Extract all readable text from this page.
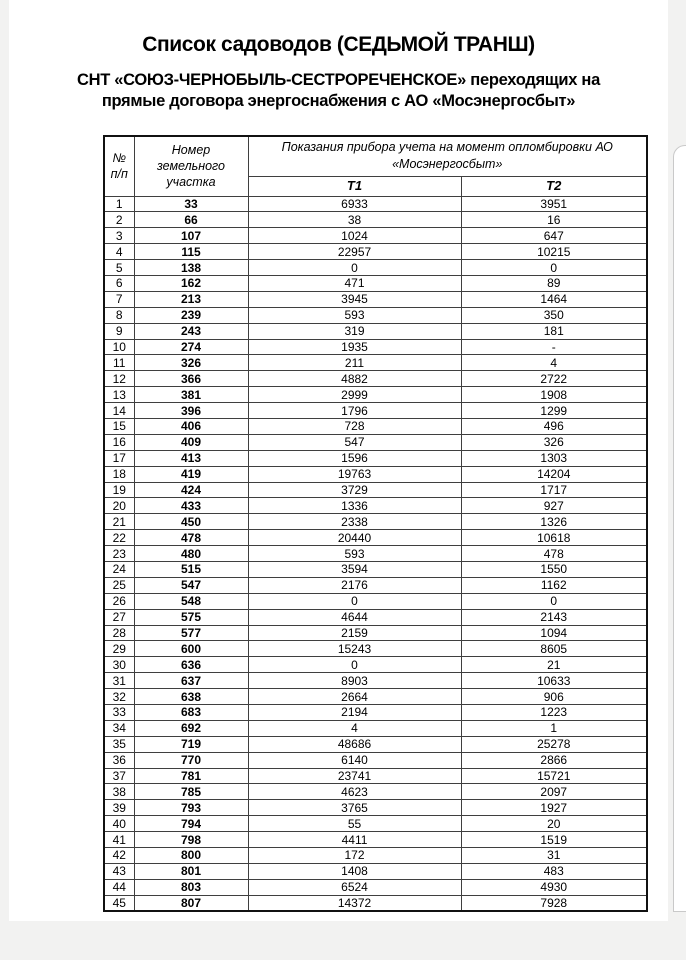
Список садоводов (СЕДЬМОЙ ТРАНШ)
СНТ «СОЮЗ-ЧЕРНОБЫЛЬ-СЕСТРОРЕЧЕНСКОЕ» переходящих на
прямые договора энергоснабжения с АО «Мосэнергосбыт»
№ п/п	Номер земельного участка	Показания прибора учета на момент опломбировки АО «Мосэнергосбыт»	
		Т1	Т2
1	33	6933	3951
2	66	38	16
3	107	1024	647
4	115	22957	10215
5	138	0	0
6	162	471	89
7	213	3945	1464
8	239	593	350
9	243	319	181
10	274	1935	-
11	326	211	4
12	366	4882	2722
13	381	2999	1908
14	396	1796	1299
15	406	728	496
16	409	547	326
17	413	1596	1303
18	419	19763	14204
19	424	3729	1717
20	433	1336	927
21	450	2338	1326
22	478	20440	10618
23	480	593	478
24	515	3594	1550
25	547	2176	1162
26	548	0	0
27	575	4644	2143
28	577	2159	1094
29	600	15243	8605
30	636	0	21
31	637	8903	10633
32	638	2664	906
33	683	2194	1223
34	692	4	1
35	719	48686	25278
36	770	6140	2866
37	781	23741	15721
38	785	4623	2097
39	793	3765	1927
40	794	55	20
41	798	4411	1519
42	800	172	31
43	801	1408	483
44	803	6524	4930
45	807	14372	7928
